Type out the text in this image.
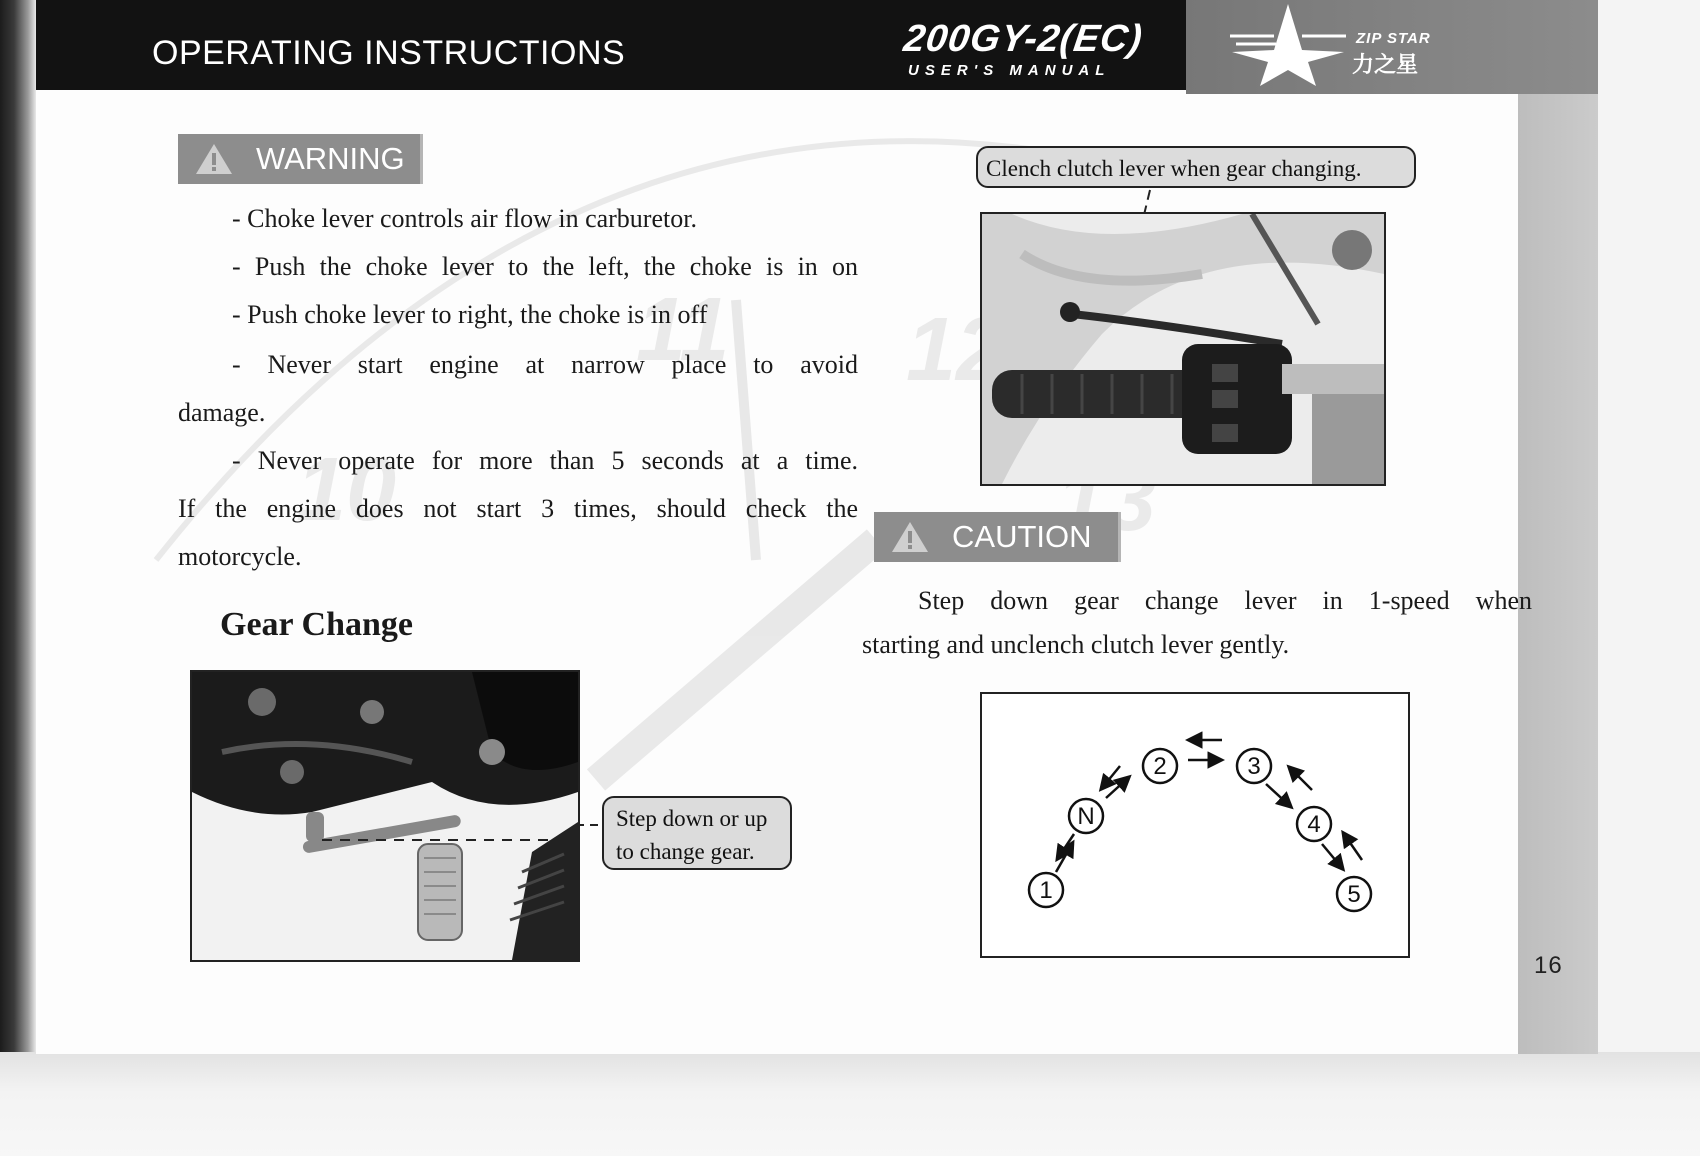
12
11
10	13
OPERATING INSTRUCTIONS	200GY-2(EC)
USER'S MANUAL
ZIP STAR
力之星
16
WARNING

- Choke lever controls air flow in carburetor.

- Push the choke lever to the left, the choke is in on

- Push choke lever to right, the choke is in off

- Never start engine at narrow place to avoid

damage.

- Never operate for more than 5 seconds at a time.

If the engine does not start 3 times, should check the

motorcycle.

Gear Change
Step down or up
to change gear.
Clench clutch lever when gear changing.
CAUTION

Step down gear change lever in 1-speed when

starting and unclench clutch lever gently.

1
N
2	3
4
5
